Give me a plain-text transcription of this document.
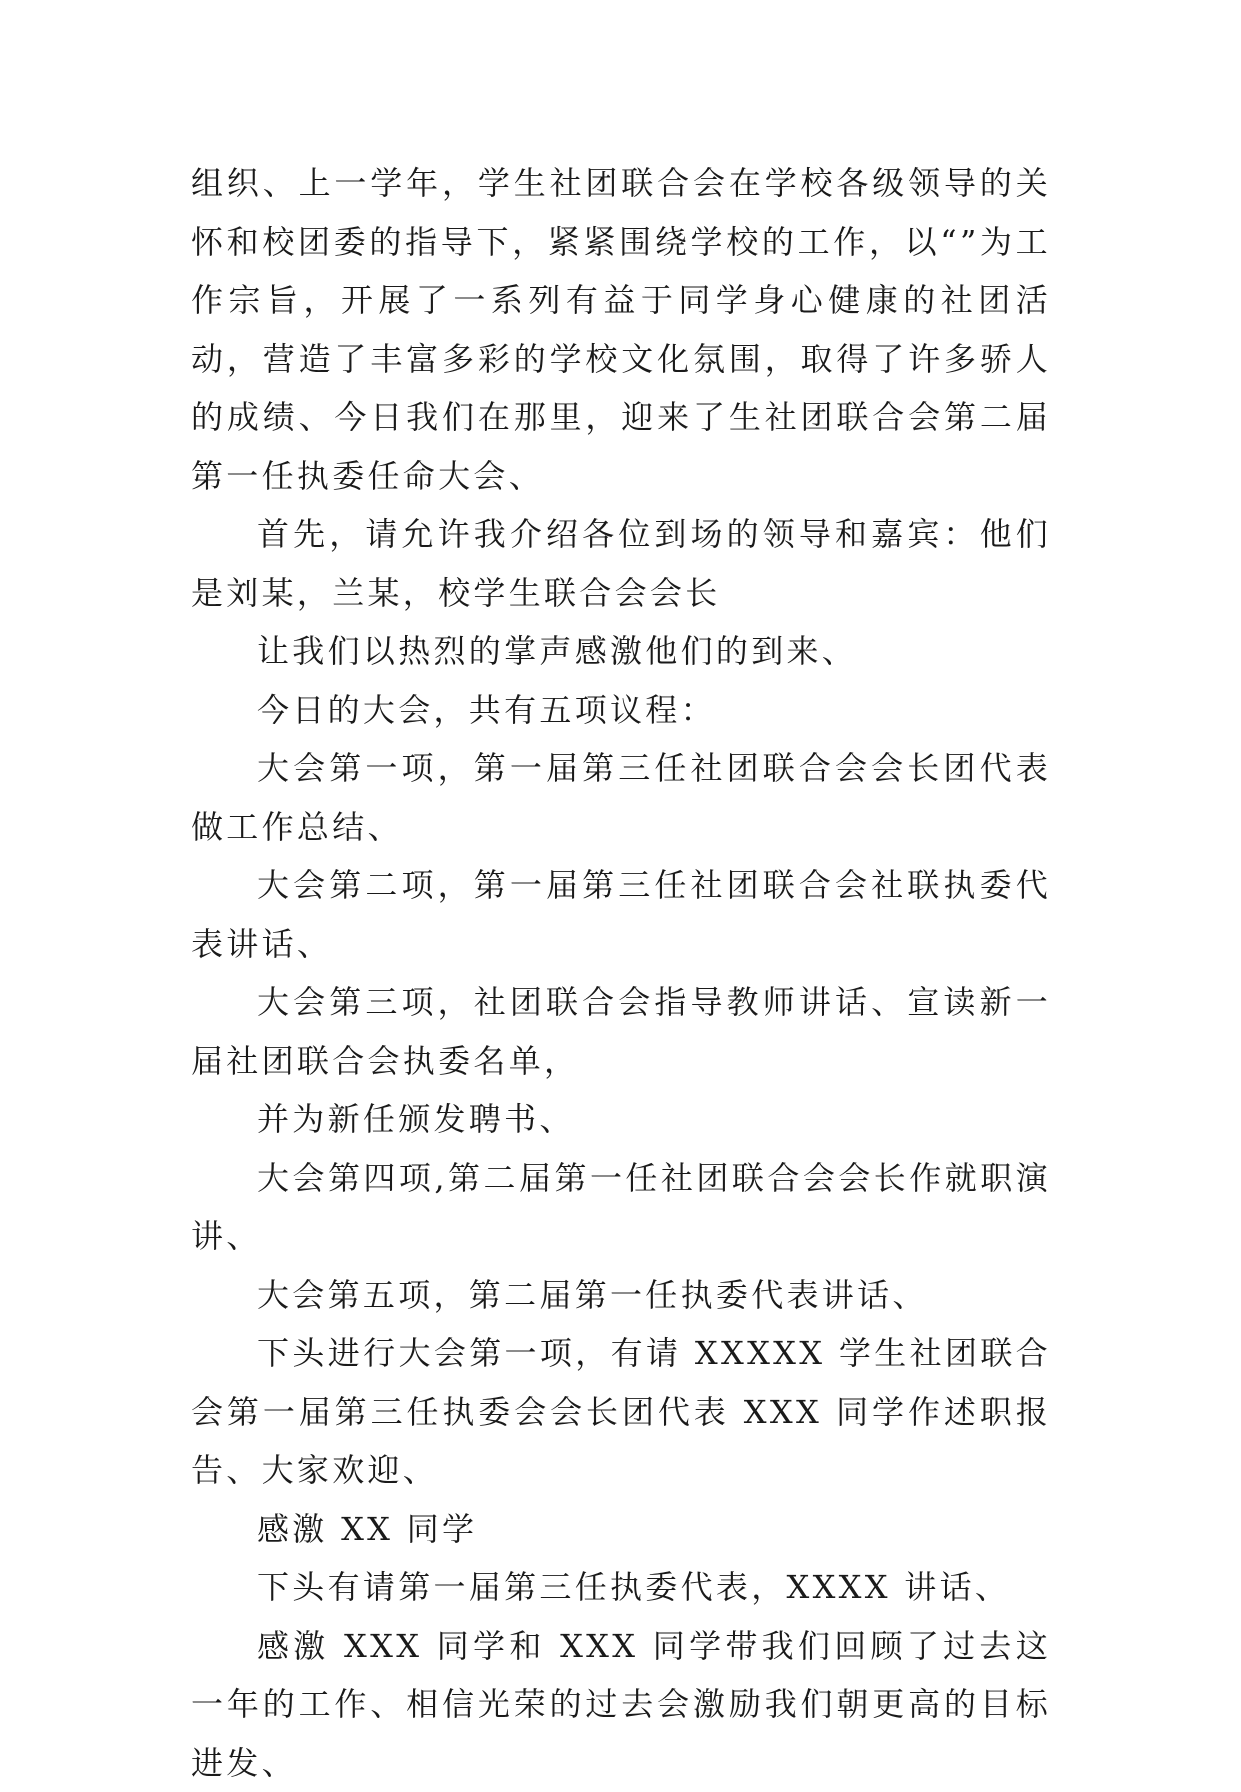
组织、上一学年，学生社团联合会在学校各级领导的关怀和校团委的指导下，紧紧围绕学校的工作，以“”为工作宗旨，开展了一系列有益于同学身心健康的社团活动，营造了丰富多彩的学校文化氛围，取得了许多骄人的成绩、今日我们在那里，迎来了生社团联合会第二届第一任执委任命大会、

首先，请允许我介绍各位到场的领导和嘉宾：他们是刘某，兰某，校学生联合会会长

让我们以热烈的掌声感激他们的到来、

今日的大会，共有五项议程：

大会第一项，第一届第三任社团联合会会长团代表做工作总结、

大会第二项，第一届第三任社团联合会社联执委代表讲话、

大会第三项，社团联合会指导教师讲话、宣读新一届社团联合会执委名单，

并为新任颁发聘书、

大会第四项,第二届第一任社团联合会会长作就职演讲、

大会第五项，第二届第一任执委代表讲话、

下头进行大会第一项，有请 XXXXX 学生社团联合会第一届第三任执委会会长团代表 XXX 同学作述职报告、大家欢迎、

感激 XX 同学

下头有请第一届第三任执委代表，XXXX 讲话、

感激 XXX 同学和 XXX 同学带我们回顾了过去这一年的工作、相信光荣的过去会激励我们朝更高的目标进发、
